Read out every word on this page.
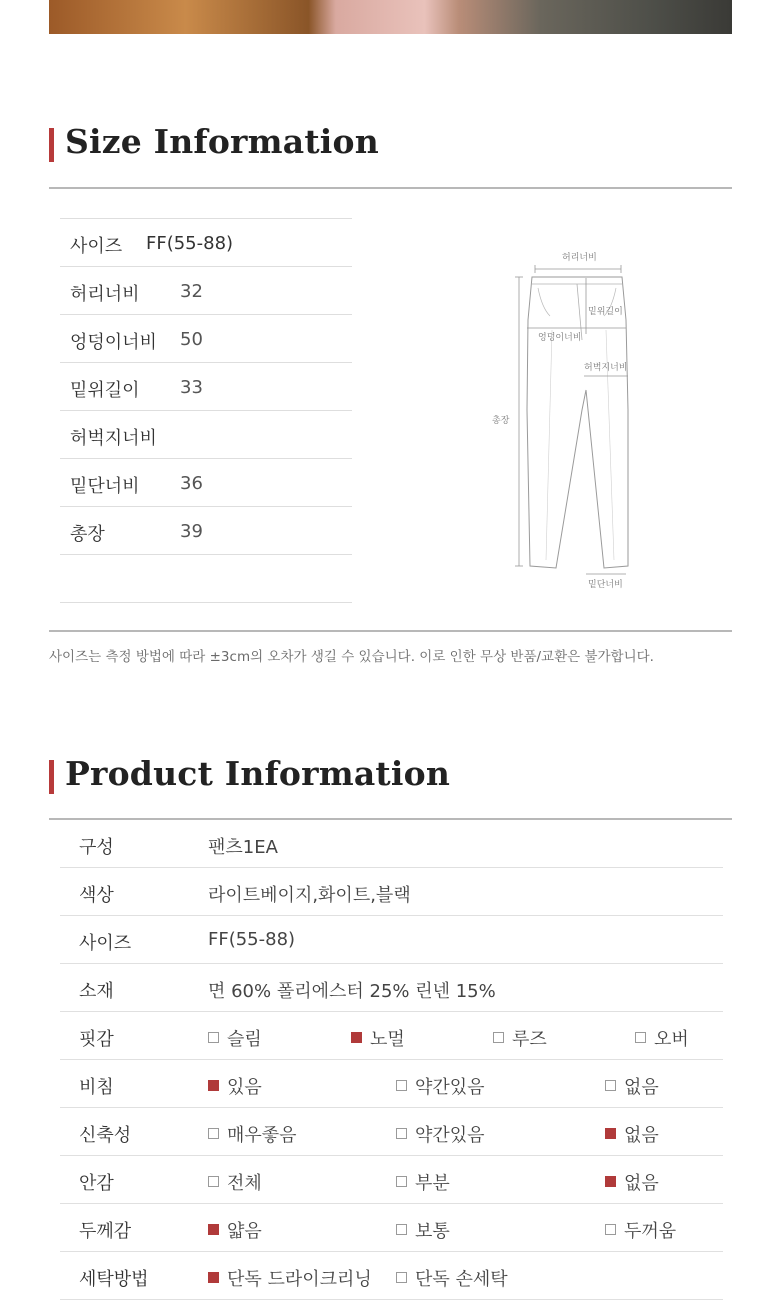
Size Information
사이즈 FF(55-88)
허리너비 32
엉덩이너비 50
밑위길이 33
허벅지너비
밑단너비 36
총장	39
허리너비
밑위길이
엉덩이너비
허벅지너비
총장
밑단너비
사이즈는 측정 방법에 따라 ±3cm의 오차가 생길 수 있습니다. 이로 인한 무상 반품/교환은 불가합니다.
Product Information
구성	팬츠1EA
색상	라이트베이지,화이트,블랙
사이즈	FF(55-88)
소재	면 60% 폴리에스터 25% 린넨 15%
핏감	슬림	노멀	루즈	오버
비침	있음	약간있음	없음
신축성	매우좋음	약간있음	없음
안감	전체	부분	없음
두께감	얇음	보통	두꺼움
세탁방법	단독 드라이크리닝	단독 손세탁
